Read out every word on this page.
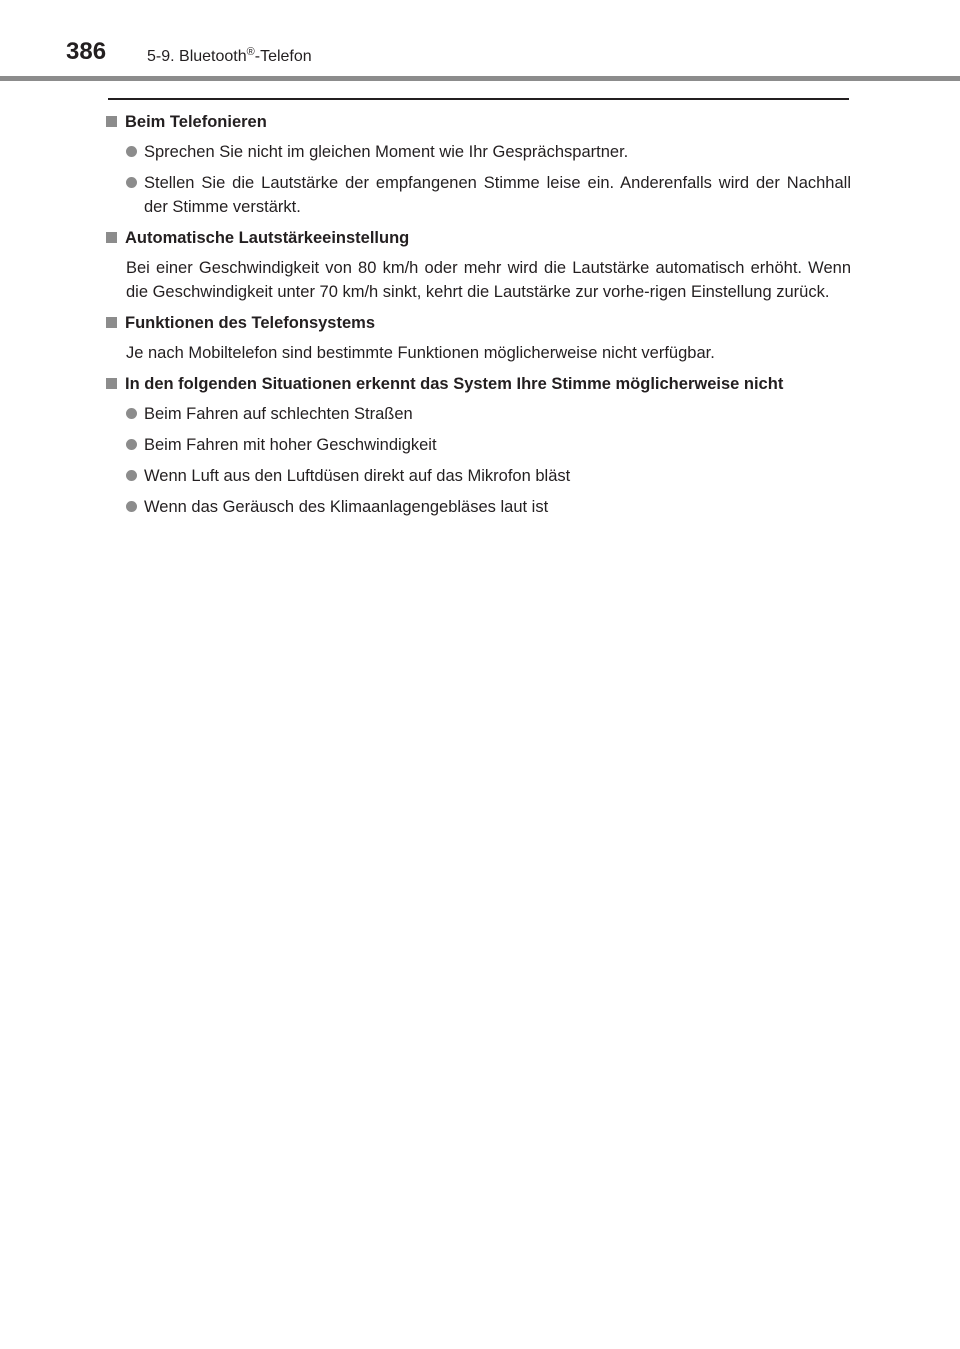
386	5-9. Bluetooth®-Telefon
Beim Telefonieren
Sprechen Sie nicht im gleichen Moment wie Ihr Gesprächspartner.
Stellen Sie die Lautstärke der empfangenen Stimme leise ein. Anderenfalls wird der Nachhall der Stimme verstärkt.
Automatische Lautstärkeeinstellung
Bei einer Geschwindigkeit von 80 km/h oder mehr wird die Lautstärke automatisch erhöht. Wenn die Geschwindigkeit unter 70 km/h sinkt, kehrt die Lautstärke zur vorhe-rigen Einstellung zurück.
Funktionen des Telefonsystems
Je nach Mobiltelefon sind bestimmte Funktionen möglicherweise nicht verfügbar.
In den folgenden Situationen erkennt das System Ihre Stimme möglicherweise nicht
Beim Fahren auf schlechten Straßen
Beim Fahren mit hoher Geschwindigkeit
Wenn Luft aus den Luftdüsen direkt auf das Mikrofon bläst
Wenn das Geräusch des Klimaanlagengebläses laut ist
